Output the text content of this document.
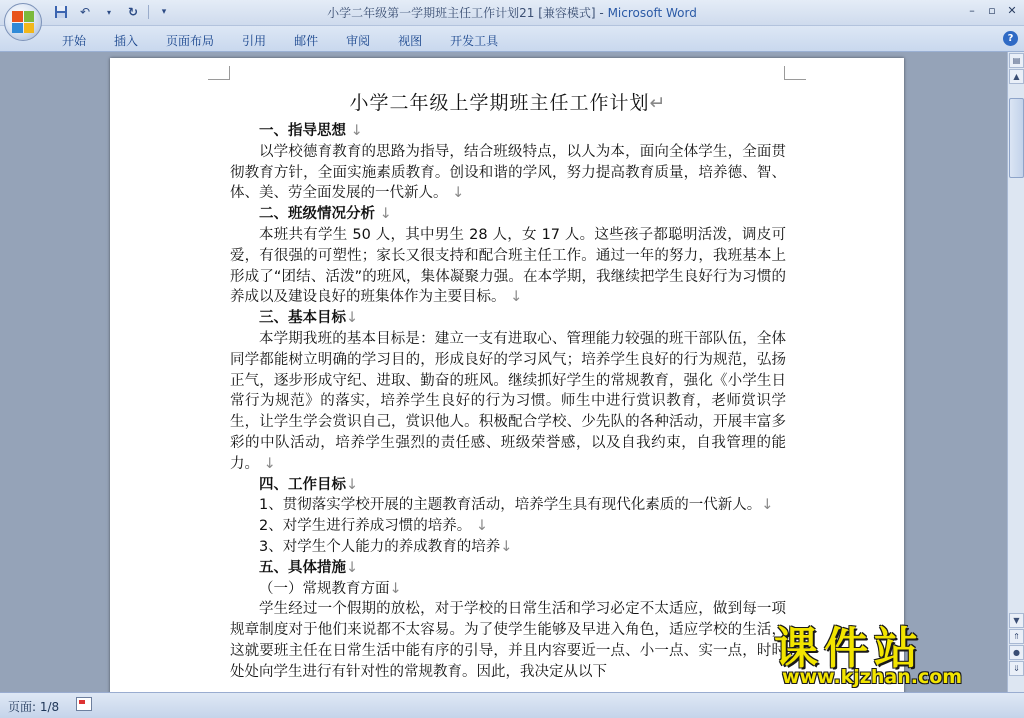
↶	▾	↻	▾	小学二年级第一学期班主任工作计划21 [兼容模式] - Microsoft Word	–	▫	✕
开始	插入	页面布局	引用	邮件	审阅	视图	开发工具	?
小学二年级上学期班主任工作计划↵
一、指导思想 ↓
以学校德育教育的思路为指导，结合班级特点，以人为本，面向全体学生，全面贯彻教育方针，全面实施素质教育。创设和谐的学风，努力提高教育质量，培养德、智、体、美、劳全面发展的一代新人。 ↓
二、班级情况分析 ↓
本班共有学生 50 人，其中男生 28 人，女 17 人。这些孩子都聪明活泼，调皮可爱，有很强的可塑性；家长又很支持和配合班主任工作。通过一年的努力，我班基本上形成了“团结、活泼”的班风，集体凝聚力强。在本学期，我继续把学生良好行为习惯的养成以及建设良好的班集体作为主要目标。 ↓
三、基本目标↓
本学期我班的基本目标是：建立一支有进取心、管理能力较强的班干部队伍，全体同学都能树立明确的学习目的，形成良好的学习风气；培养学生良好的行为规范，弘扬正气，逐步形成守纪、进取、勤奋的班风。继续抓好学生的常规教育，强化《小学生日常行为规范》的落实，培养学生良好的行为习惯。师生中进行赏识教育，老师赏识学生，让学生学会赏识自己，赏识他人。积极配合学校、少先队的各种活动，开展丰富多彩的中队活动，培养学生强烈的责任感、班级荣誉感，以及自我约束，自我管理的能力。 ↓
四、工作目标↓
1、贯彻落实学校开展的主题教育活动，培养学生具有现代化素质的一代新人。↓
2、对学生进行养成习惯的培养。 ↓
3、对学生个人能力的养成教育的培养↓
五、具体措施↓
（一）常规教育方面↓
学生经过一个假期的放松，对于学校的日常生活和学习必定不太适应，做到每一项规章制度对于他们来说都不太容易。为了使学生能够及早进入角色，适应学校的生活，这就要班主任在日常生活中能有序的引导，并且内容要近一点、小一点、实一点，时时处处向学生进行有针对性的常规教育。因此，我决定从以下
▤
▲
▼
⇑
●
⇓
页面: 1/8
课件站
www.kjzhan.com
